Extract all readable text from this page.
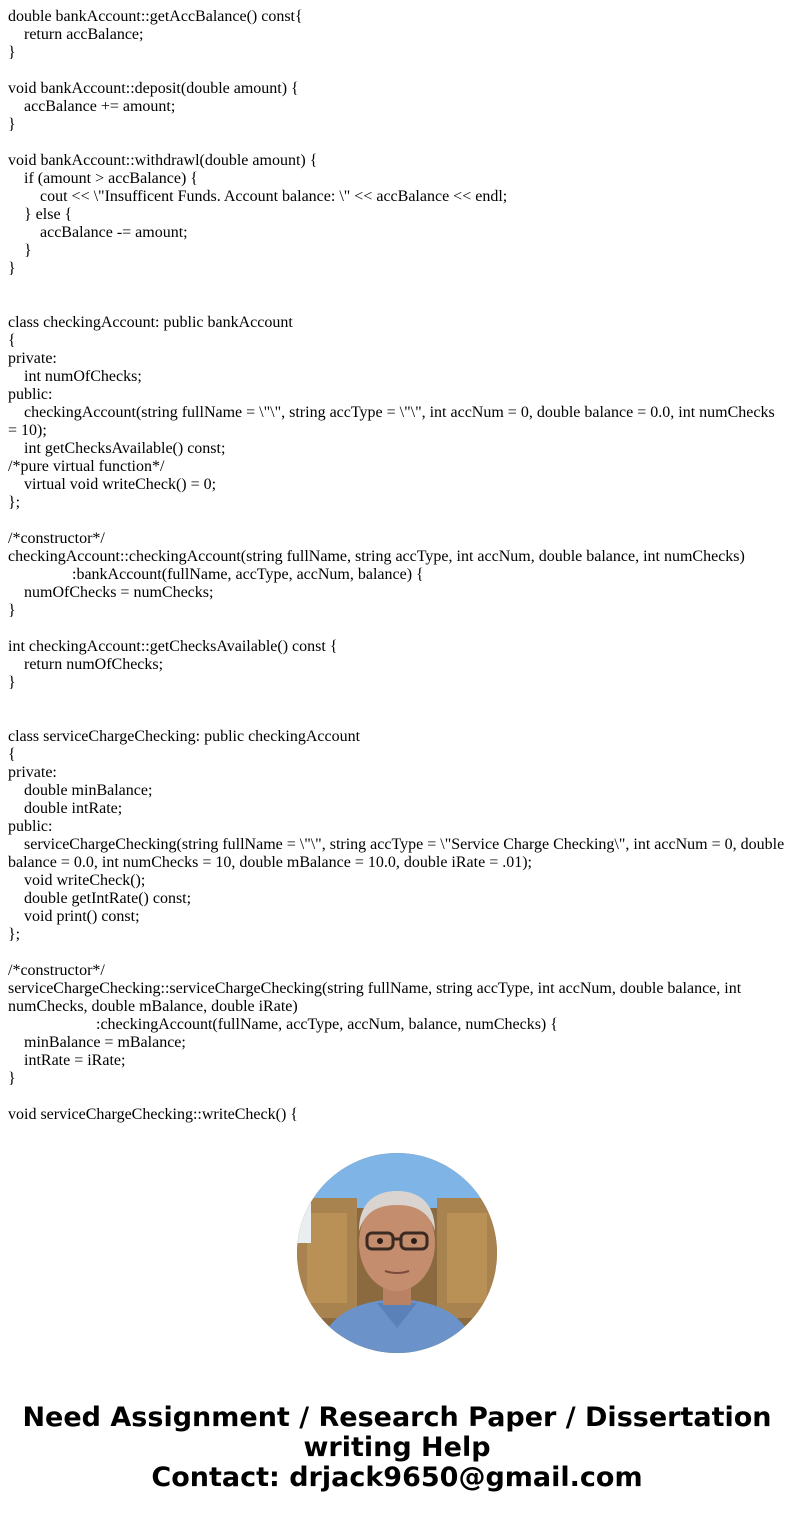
double bankAccount::getAccBalance() const{
return accBalance;
}
void bankAccount::deposit(double amount) {
accBalance += amount;
}
void bankAccount::withdrawl(double amount) {
if (amount > accBalance) {
cout << \"Insufficent Funds. Account balance: \" << accBalance << endl;
} else {
accBalance -= amount;
}
}
class checkingAccount: public bankAccount
{
private:
int numOfChecks;
public:
checkingAccount(string fullName = \"\", string accType = \"\", int accNum = 0, double balance = 0.0, int numChecks = 10);
int getChecksAvailable() const;
/*pure virtual function*/
virtual void writeCheck() = 0;
};
/*constructor*/
checkingAccount::checkingAccount(string fullName, string accType, int accNum, double balance, int numChecks)
:bankAccount(fullName, accType, accNum, balance) {
numOfChecks = numChecks;
}
int checkingAccount::getChecksAvailable() const {
return numOfChecks;
}
class serviceChargeChecking: public checkingAccount
{
private:
double minBalance;
double intRate;
public:
serviceChargeChecking(string fullName = \"\", string accType = \"Service Charge Checking\", int accNum = 0, double balance = 0.0, int numChecks = 10, double mBalance = 10.0, double iRate = .01);
void writeCheck();
double getIntRate() const;
void print() const;
};
/*constructor*/
serviceChargeChecking::serviceChargeChecking(string fullName, string accType, int accNum, double balance, int numChecks, double mBalance, double iRate)
:checkingAccount(fullName, accType, accNum, balance, numChecks) {
minBalance = mBalance;
intRate = iRate;
}
void serviceChargeChecking::writeCheck() {
Need Assignment / Research Paper / Dissertation
writing Help
Contact: drjack9650@gmail.com
